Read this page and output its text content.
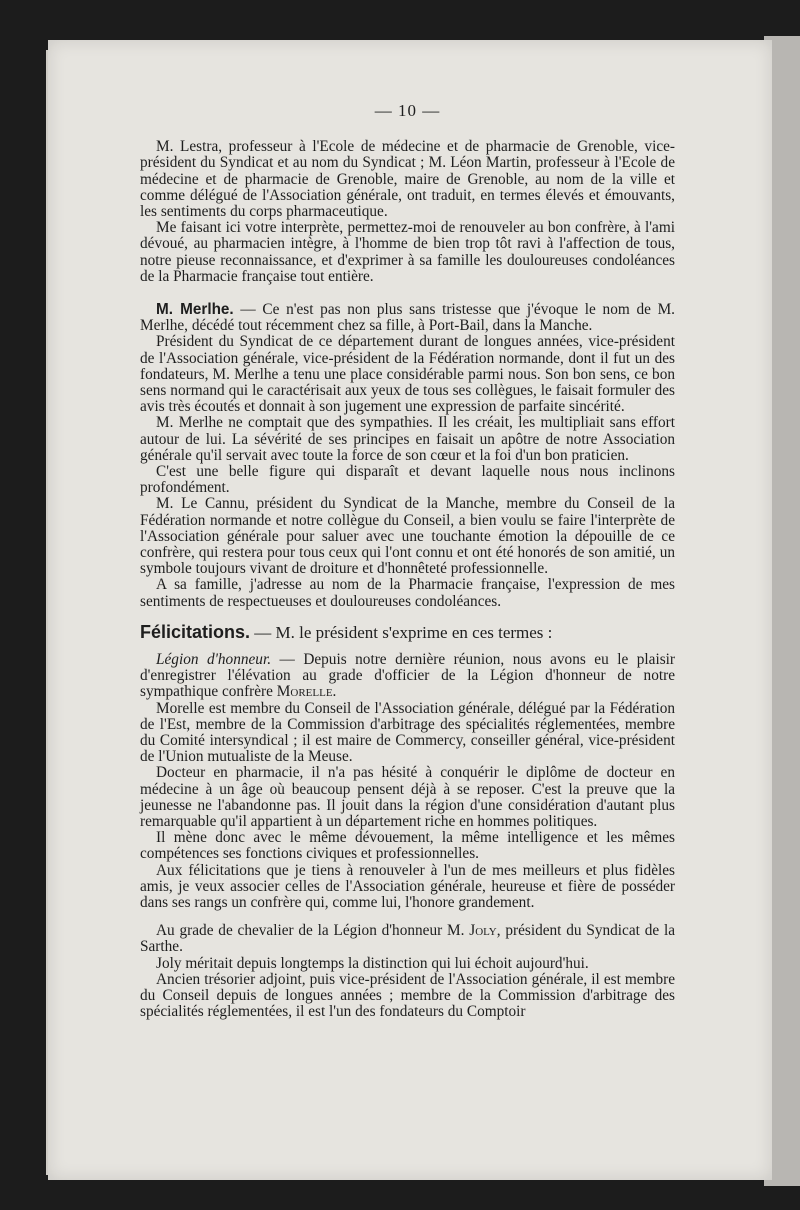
— 10 —

M. Lestra, professeur à l'Ecole de médecine et de pharmacie de Grenoble, vice-président du Syndicat et au nom du Syndicat ; M. Léon Martin, professeur à l'Ecole de médecine et de pharmacie de Grenoble, maire de Grenoble, au nom de la ville et comme délégué de l'Association générale, ont traduit, en termes élevés et émouvants, les sentiments du corps pharmaceutique.

Me faisant ici votre interprète, permettez-moi de renouveler au bon confrère, à l'ami dévoué, au pharmacien intègre, à l'homme de bien trop tôt ravi à l'affection de tous, notre pieuse reconnaissance, et d'exprimer à sa famille les douloureuses condoléances de la Pharmacie française tout entière.

M. Merlhe. — Ce n'est pas non plus sans tristesse que j'évoque le nom de M. Merlhe, décédé tout récemment chez sa fille, à Port-Bail, dans la Manche.

Président du Syndicat de ce département durant de longues années, vice-président de l'Association générale, vice-président de la Fédération normande, dont il fut un des fondateurs, M. Merlhe a tenu une place considérable parmi nous. Son bon sens, ce bon sens normand qui le caractérisait aux yeux de tous ses collègues, le faisait formuler des avis très écoutés et donnait à son jugement une expression de parfaite sincérité.

M. Merlhe ne comptait que des sympathies. Il les créait, les multipliait sans effort autour de lui. La sévérité de ses principes en faisait un apôtre de notre Association générale qu'il servait avec toute la force de son cœur et la foi d'un bon praticien.

C'est une belle figure qui disparaît et devant laquelle nous nous inclinons profondément.

M. Le Cannu, président du Syndicat de la Manche, membre du Conseil de la Fédération normande et notre collègue du Conseil, a bien voulu se faire l'interprète de l'Association générale pour saluer avec une touchante émotion la dépouille de ce confrère, qui restera pour tous ceux qui l'ont connu et ont été honorés de son amitié, un symbole toujours vivant de droiture et d'honnêteté professionnelle.

A sa famille, j'adresse au nom de la Pharmacie française, l'expression de mes sentiments de respectueuses et douloureuses condoléances.

Félicitations. — M. le président s'exprime en ces termes :

Légion d'honneur. — Depuis notre dernière réunion, nous avons eu le plaisir d'enregistrer l'élévation au grade d'officier de la Légion d'honneur de notre sympathique confrère Morelle.

Morelle est membre du Conseil de l'Association générale, délégué par la Fédération de l'Est, membre de la Commission d'arbitrage des spécialités réglementées, membre du Comité intersyndical ; il est maire de Commercy, conseiller général, vice-président de l'Union mutualiste de la Meuse.

Docteur en pharmacie, il n'a pas hésité à conquérir le diplôme de docteur en médecine à un âge où beaucoup pensent déjà à se reposer. C'est la preuve que la jeunesse ne l'abandonne pas. Il jouit dans la région d'une considération d'autant plus remarquable qu'il appartient à un département riche en hommes politiques.

Il mène donc avec le même dévouement, la même intelligence et les mêmes compétences ses fonctions civiques et professionnelles.

Aux félicitations que je tiens à renouveler à l'un de mes meilleurs et plus fidèles amis, je veux associer celles de l'Association générale, heureuse et fière de posséder dans ses rangs un confrère qui, comme lui, l'honore grandement.

Au grade de chevalier de la Légion d'honneur M. Joly, président du Syndicat de la Sarthe.

Joly méritait depuis longtemps la distinction qui lui échoit aujourd'hui.

Ancien trésorier adjoint, puis vice-président de l'Association générale, il est membre du Conseil depuis de longues années ; membre de la Commission d'arbitrage des spécialités réglementées, il est l'un des fondateurs du Comptoir
